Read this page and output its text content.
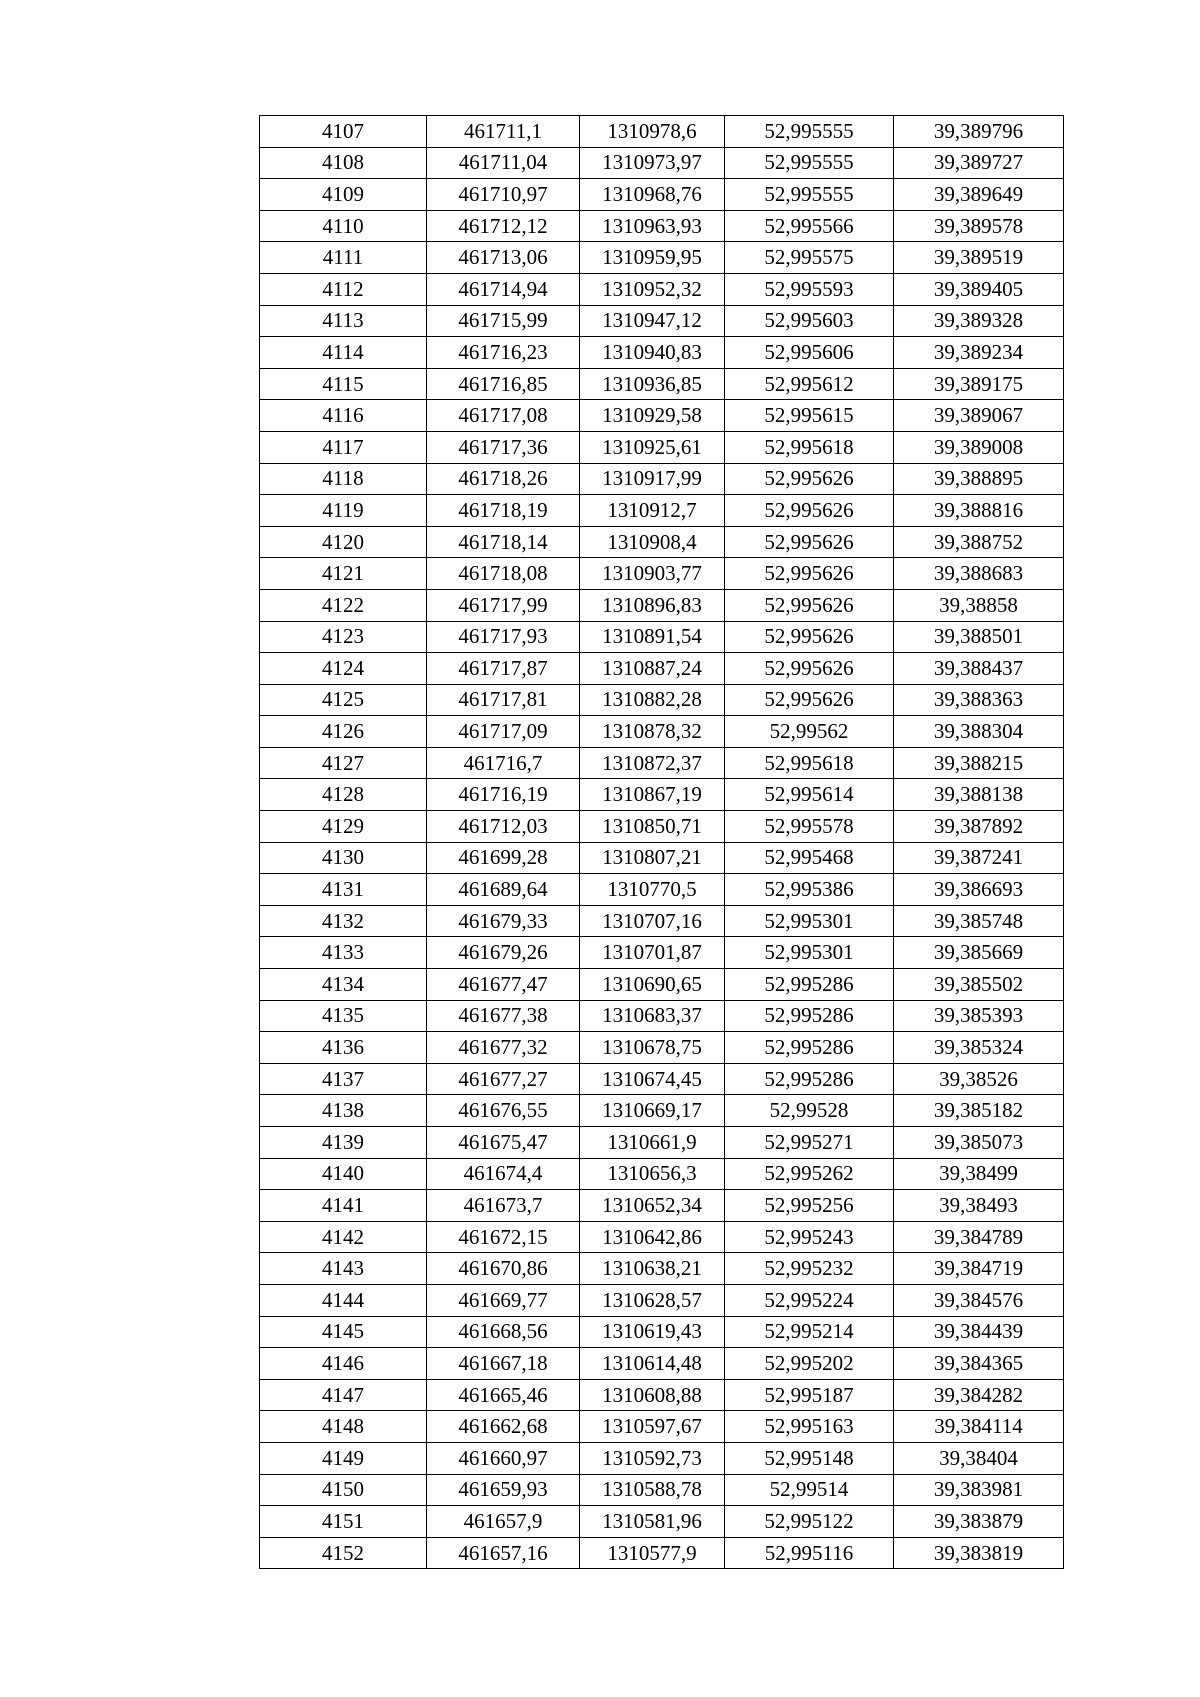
4107	461711,1	1310978,6	52,995555	39,389796
4108	461711,04	1310973,97	52,995555	39,389727
4109	461710,97	1310968,76	52,995555	39,389649
4110	461712,12	1310963,93	52,995566	39,389578
4111	461713,06	1310959,95	52,995575	39,389519
4112	461714,94	1310952,32	52,995593	39,389405
4113	461715,99	1310947,12	52,995603	39,389328
4114	461716,23	1310940,83	52,995606	39,389234
4115	461716,85	1310936,85	52,995612	39,389175
4116	461717,08	1310929,58	52,995615	39,389067
4117	461717,36	1310925,61	52,995618	39,389008
4118	461718,26	1310917,99	52,995626	39,388895
4119	461718,19	1310912,7	52,995626	39,388816
4120	461718,14	1310908,4	52,995626	39,388752
4121	461718,08	1310903,77	52,995626	39,388683
4122	461717,99	1310896,83	52,995626	39,38858
4123	461717,93	1310891,54	52,995626	39,388501
4124	461717,87	1310887,24	52,995626	39,388437
4125	461717,81	1310882,28	52,995626	39,388363
4126	461717,09	1310878,32	52,99562	39,388304
4127	461716,7	1310872,37	52,995618	39,388215
4128	461716,19	1310867,19	52,995614	39,388138
4129	461712,03	1310850,71	52,995578	39,387892
4130	461699,28	1310807,21	52,995468	39,387241
4131	461689,64	1310770,5	52,995386	39,386693
4132	461679,33	1310707,16	52,995301	39,385748
4133	461679,26	1310701,87	52,995301	39,385669
4134	461677,47	1310690,65	52,995286	39,385502
4135	461677,38	1310683,37	52,995286	39,385393
4136	461677,32	1310678,75	52,995286	39,385324
4137	461677,27	1310674,45	52,995286	39,38526
4138	461676,55	1310669,17	52,99528	39,385182
4139	461675,47	1310661,9	52,995271	39,385073
4140	461674,4	1310656,3	52,995262	39,38499
4141	461673,7	1310652,34	52,995256	39,38493
4142	461672,15	1310642,86	52,995243	39,384789
4143	461670,86	1310638,21	52,995232	39,384719
4144	461669,77	1310628,57	52,995224	39,384576
4145	461668,56	1310619,43	52,995214	39,384439
4146	461667,18	1310614,48	52,995202	39,384365
4147	461665,46	1310608,88	52,995187	39,384282
4148	461662,68	1310597,67	52,995163	39,384114
4149	461660,97	1310592,73	52,995148	39,38404
4150	461659,93	1310588,78	52,99514	39,383981
4151	461657,9	1310581,96	52,995122	39,383879
4152	461657,16	1310577,9	52,995116	39,383819
